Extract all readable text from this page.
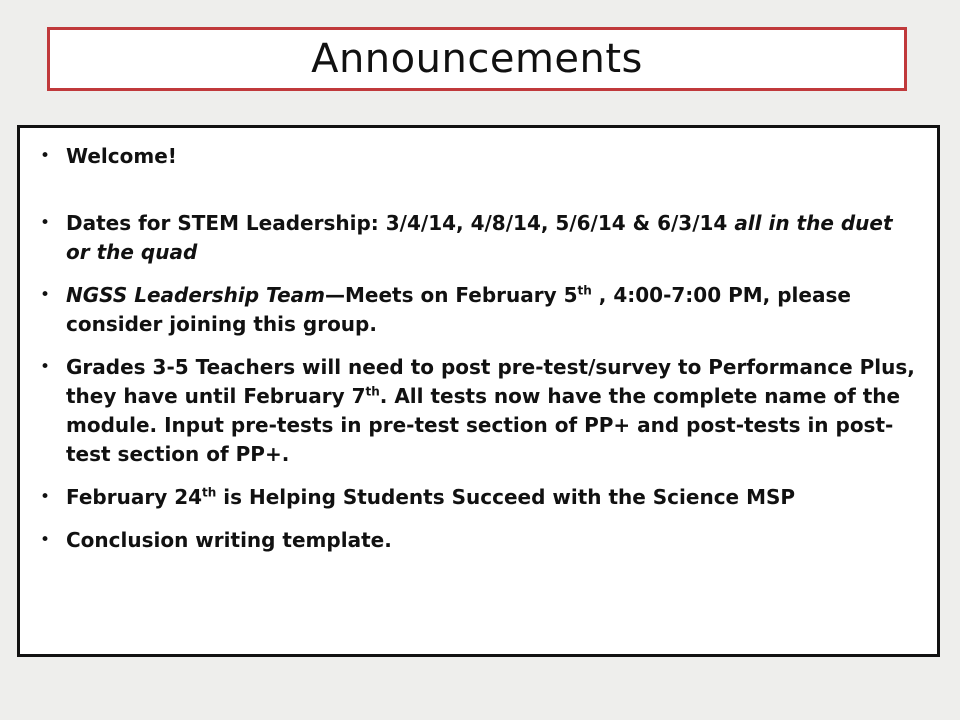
Announcements
• Welcome!
• Dates for STEM Leadership: 3/4/14, 4/8/14, 5/6/14 & 6/3/14 all in the duet or the quad
• NGSS Leadership Team—Meets on February 5th , 4:00-7:00 PM, please consider joining this group.
• Grades 3-5 Teachers will need to post pre-test/survey to Performance Plus, they have until February 7th. All tests now have the complete name of the module. Input pre-tests in pre-test section of PP+ and post-tests in post-test section of PP+.
• February 24th is Helping Students Succeed with the Science MSP
• Conclusion writing template.
